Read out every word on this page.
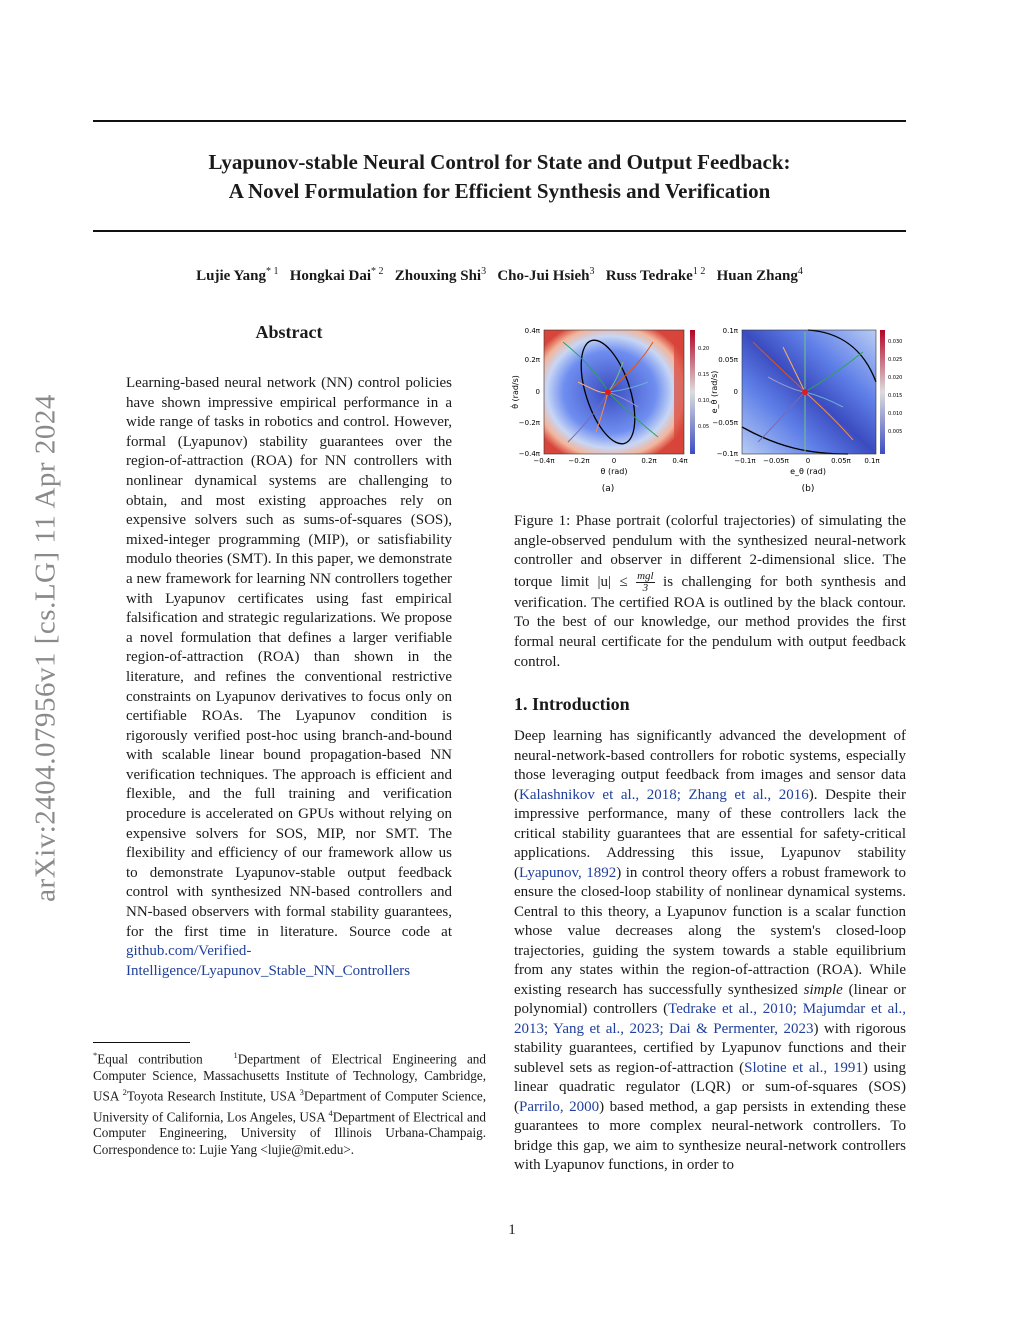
Lyapunov-stable Neural Control for State and Output Feedback:
A Novel Formulation for Efficient Synthesis and Verification
Lujie Yang$^{* 1}$ Hongkai Dai$^{* 2}$ Zhouxing Shi$^3$ Cho-Jui Hsieh$^3$ Russ Tedrake$^{1 2}$ Huan Zhang$^4$
arXiv:2404.07956v1 [cs.LG] 11 Apr 2024
Abstract
Learning-based neural network (NN) control policies have shown impressive empirical performance in a wide range of tasks in robotics and control. However, formal (Lyapunov) stability guarantees over the region-of-attraction (ROA) for NN controllers with nonlinear dynamical systems are challenging to obtain, and most existing approaches rely on expensive solvers such as sums-of-squares (SOS), mixed-integer programming (MIP), or satisfiability modulo theories (SMT). In this paper, we demonstrate a new framework for learning NN controllers together with Lyapunov certificates using fast empirical falsification and strategic regularizations. We propose a novel formulation that defines a larger verifiable region-of-attraction (ROA) than shown in the literature, and refines the conventional restrictive constraints on Lyapunov derivatives to focus only on certifiable ROAs. The Lyapunov condition is rigorously verified post-hoc using branch-and-bound with scalable linear bound propagation-based NN verification techniques. The approach is efficient and flexible, and the full training and verification procedure is accelerated on GPUs without relying on expensive solvers for SOS, MIP, nor SMT. The flexibility and efficiency of our framework allow us to demonstrate Lyapunov-stable output feedback control with synthesized NN-based controllers and NN-based observers with formal stability guarantees, for the first time in literature. Source code at github.com/Verified-Intelligence/Lyapunov_Stable_NN_Controllers
*Equal contribution	$^1$Department of Electrical Engineering and Computer Science, Massachusetts Institute of Technology, Cambridge, USA $^2$Toyota Research Institute, USA $^3$Department of Computer Science, University of California, Los Angeles, USA $^4$Department of Electrical and Computer Engineering, University of Illinois Urbana-Champaig. Correspondence to: Lujie Yang <lujie@mit.edu>.
0.4π
0.2π
0
−0.2π
−0.4π
−0.4π −0.2π	0	0.2π 0.4π
θ (rad)
θ̇ (rad/s)
(a)
0.20
0.15
0.10
0.05
0.1π
0.05π
0
−0.05π
−0.1π
−0.1π −0.05π 0	0.05π 0.1π
e_θ (rad)
e_θ̇ (rad/s)
(b)
0.030
0.025
0.020
0.015
0.010
0.005
Figure 1: Phase portrait (colorful trajectories) of simulating the angle-observed pendulum with the synthesized neural-network controller and observer in different 2-dimensional slice. The torque limit $|u| \le \frac{\text{mgl}}{3}$ is challenging for both synthesis and verification. The certified ROA is outlined by the black contour. To the best of our knowledge, our method provides the first formal neural certificate for the pendulum with output feedback control.
1. Introduction
Deep learning has significantly advanced the development of neural-network-based controllers for robotic systems, especially those leveraging output feedback from images and sensor data (Kalashnikov et al., 2018; Zhang et al., 2016). Despite their impressive performance, many of these controllers lack the critical stability guarantees that are essential for safety-critical applications. Addressing this issue, Lyapunov stability (Lyapunov, 1892) in control theory offers a robust framework to ensure the closed-loop stability of nonlinear dynamical systems. Central to this theory, a Lyapunov function is a scalar function whose value decreases along the system's closed-loop trajectories, guiding the system towards a stable equilibrium from any states within the region-of-attraction (ROA). While existing research has successfully synthesized simple (linear or polynomial) controllers (Tedrake et al., 2010; Majumdar et al., 2013; Yang et al., 2023; Dai & Permenter, 2023) with rigorous stability guarantees, certified by Lyapunov functions and their sublevel sets as region-of-attraction (Slotine et al., 1991) using linear quadratic regulator (LQR) or sum-of-squares (SOS) (Parrilo, 2000) based method, a gap persists in extending these guarantees to more complex neural-network controllers. To bridge this gap, we aim to synthesize neural-network controllers with Lyapunov functions, in order to
1
